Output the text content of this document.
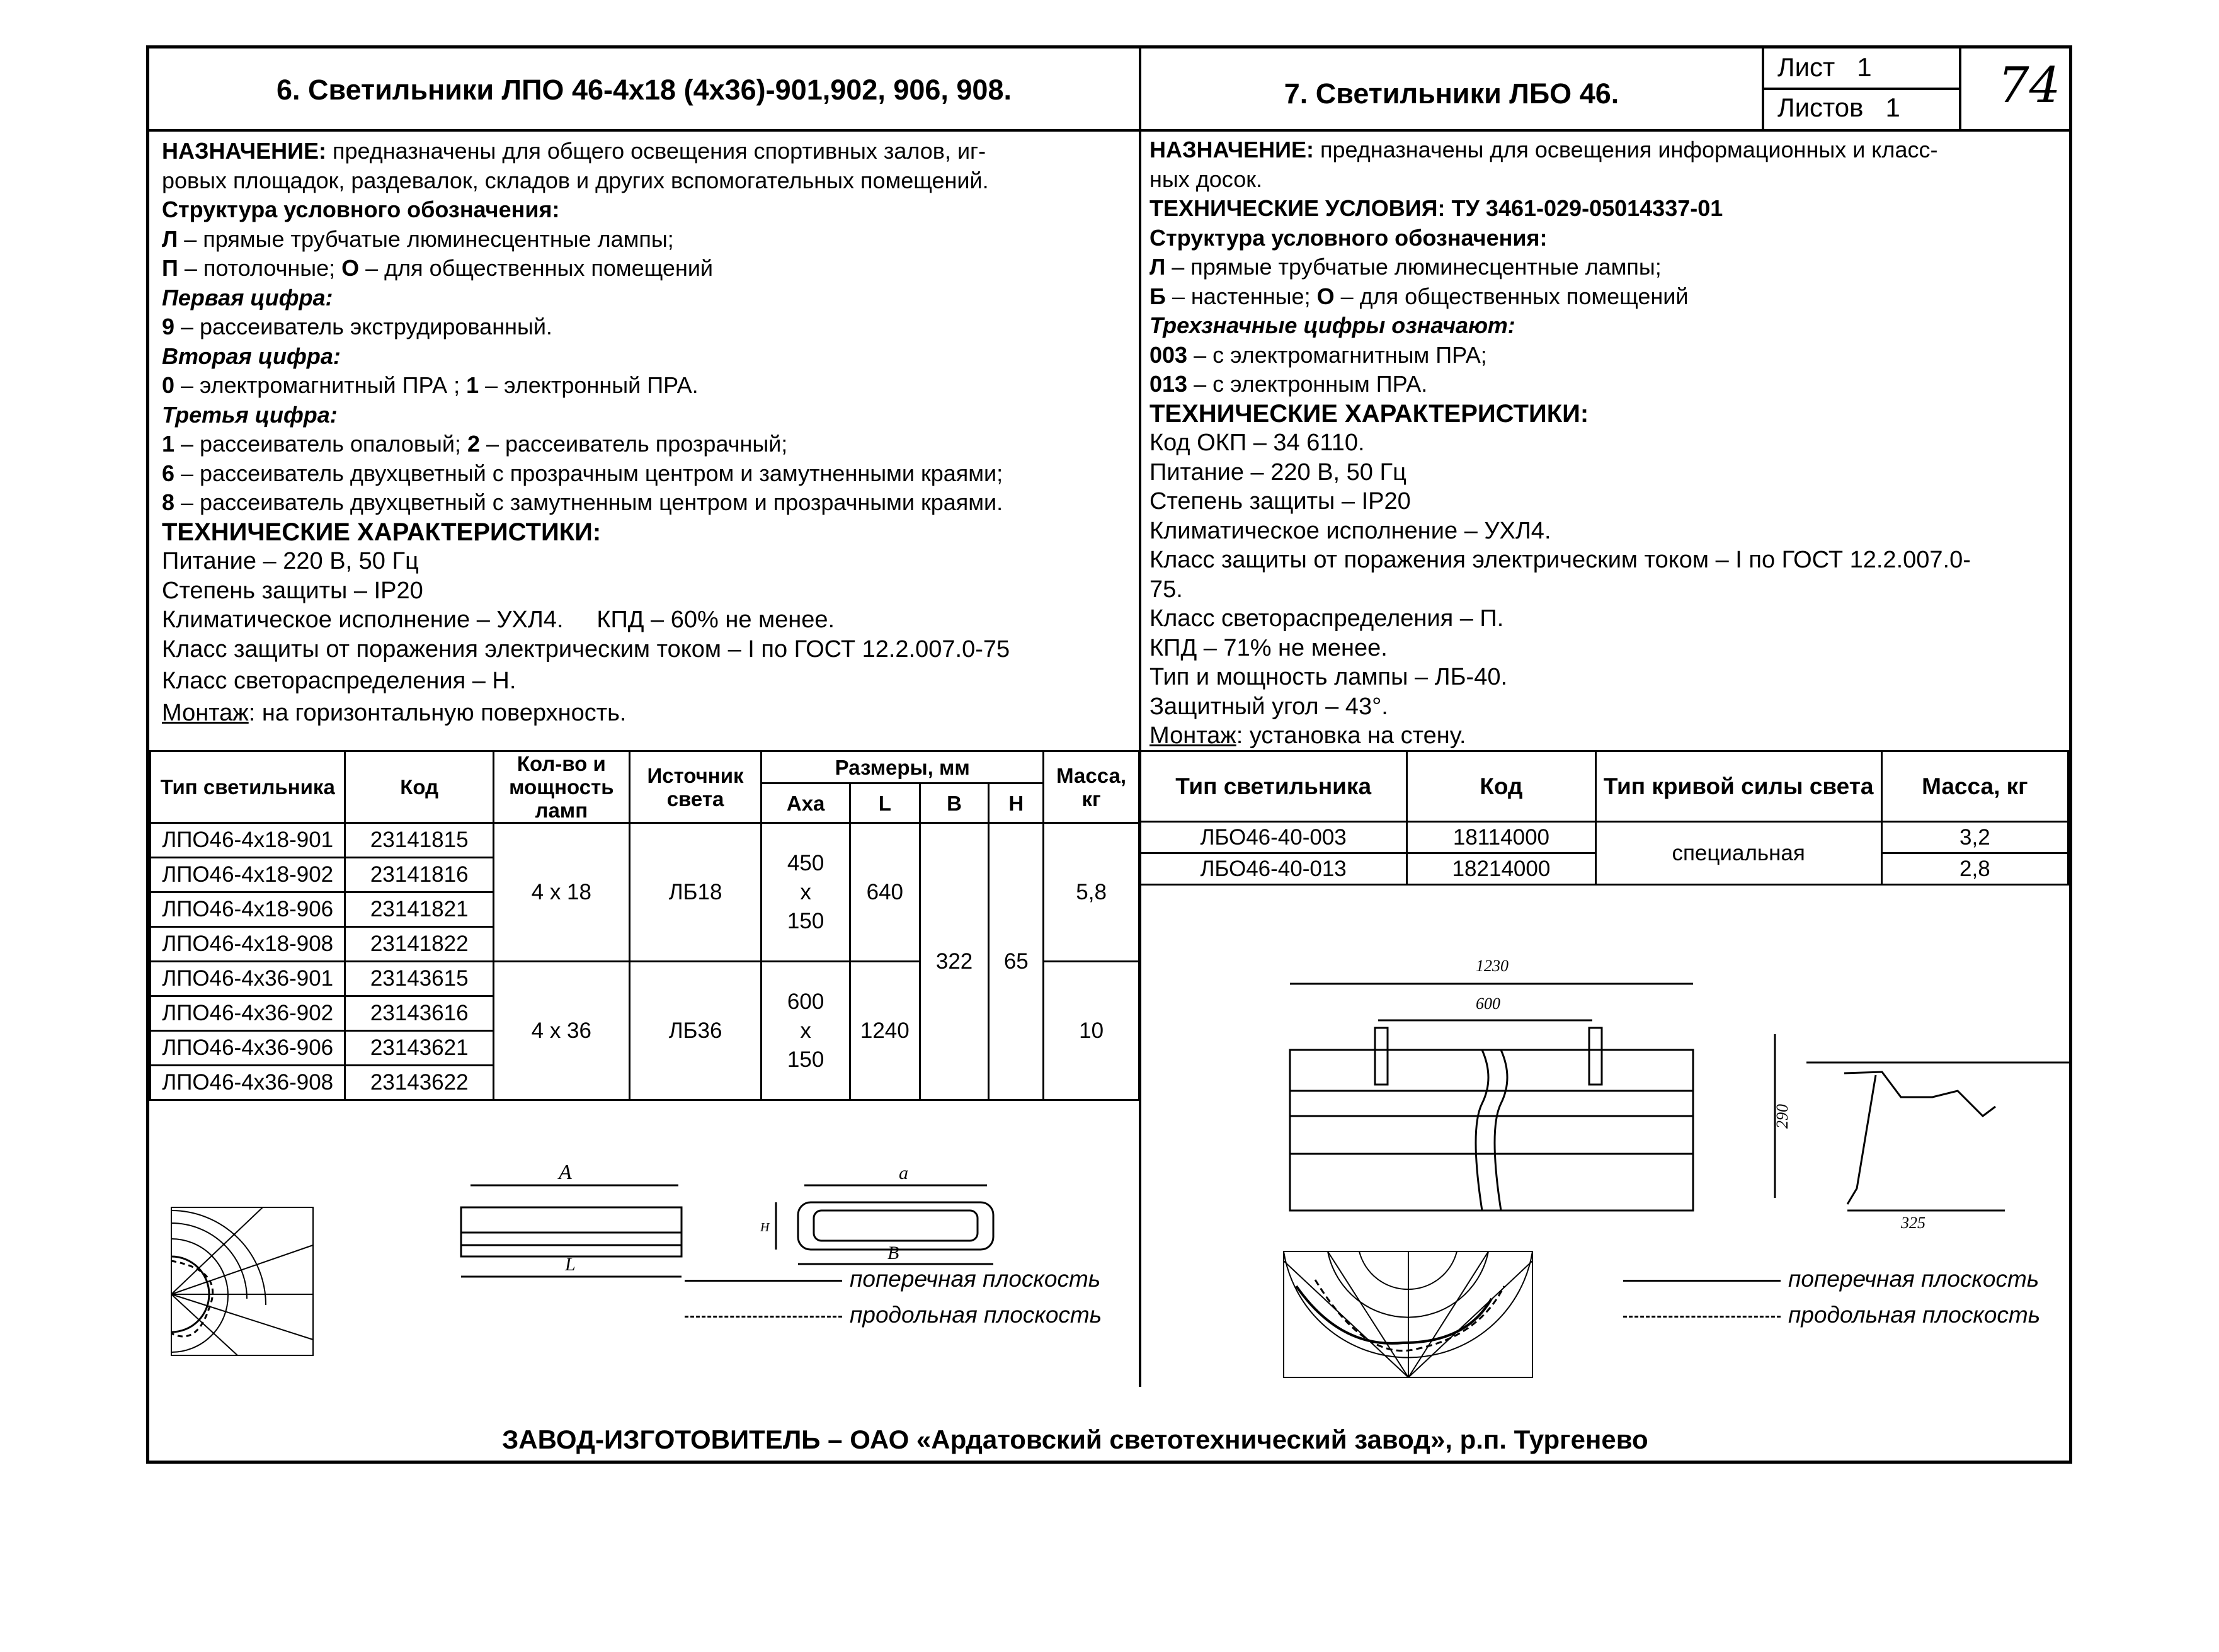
6. Светильники ЛПО 46-4x18 (4x36)-901,902, 906, 908.	7. Светильники ЛБО 46.
Лист 1
Листов 1 74
НАЗНАЧЕНИЕ: предназначены для общего освещения спортивных залов, иг-
ровых площадок, раздевалок, складов и других вспомогательных помещений.
Структура условного обозначения:
Л – прямые трубчатые люминесцентные лампы;
П – потолочные; О – для общественных помещений
Первая цифра:
9 – рассеиватель экструдированный.
Вторая цифра:
0 – электромагнитный ПРА ; 1 – электронный ПРА.
Третья цифра:
1 – рассеиватель опаловый; 2 – рассеиватель прозрачный;
6 – рассеиватель двухцветный с прозрачным центром и замутненными краями;
8 – рассеиватель двухцветный с замутненным центром и прозрачными краями.
ТЕХНИЧЕСКИЕ ХАРАКТЕРИСТИКИ:
Питание – 220 В, 50 Гц
Степень защиты – IP20
Климатическое исполнение – УХЛ4. КПД – 60% не менее.
Класс защиты от поражения электрическим током – I по ГОСТ 12.2.007.0-75
Класс светораспределения – Н.
Монтаж: на горизонтальную поверхность.
НАЗНАЧЕНИЕ: предназначены для освещения информационных и класс-
ных досок.
ТЕХНИЧЕСКИЕ УСЛОВИЯ: ТУ 3461-029-05014337-01
Структура условного обозначения:
Л – прямые трубчатые люминесцентные лампы;
Б – настенные; О – для общественных помещений
Трехзначные цифры означают:
003 – с электромагнитным ПРА;
013 – с электронным ПРА.
ТЕХНИЧЕСКИЕ ХАРАКТЕРИСТИКИ:
Код ОКП – 34 6110.
Питание – 220 В, 50 Гц
Степень защиты – IP20
Климатическое исполнение – УХЛ4.
Класс защиты от поражения электрическим током – I по ГОСТ 12.2.007.0-
75.
Класс светораспределения – П.
КПД – 71% не менее.
Тип и мощность лампы – ЛБ-40.
Защитный угол – 43°.
Монтаж: установка на стену.
Тип светильника	Код	Кол-во и мощность ламп	Источник света	Размеры, мм				Масса, кг
				Axa	L	B	H	
ЛПО46-4x18-901	23141815	4 x 18	ЛБ18	450
x
150	640	322	65	5,8
ЛПО46-4x18-902	23141816							
ЛПО46-4x18-906	23141821							
ЛПО46-4x18-908	23141822							
ЛПО46-4x36-901	23143615	4 x 36	ЛБ36	600
x
150	1240			10
ЛПО46-4x36-902	23143616							
ЛПО46-4x36-906	23143621							
ЛПО46-4x36-908	23143622							
Тип светильника	Код	Тип кривой силы света	Масса, кг
ЛБО46-40-003	18114000	специальная	3,2
ЛБО46-40-013	18214000		2,8
A
L
a
B
H
1230
600
290
325
поперечная плоскость
продольная плоскость
поперечная плоскость
продольная плоскость
ЗАВОД-ИЗГОТОВИТЕЛЬ – ОАО «Ардатовский светотехнический завод», р.п. Тургенево
